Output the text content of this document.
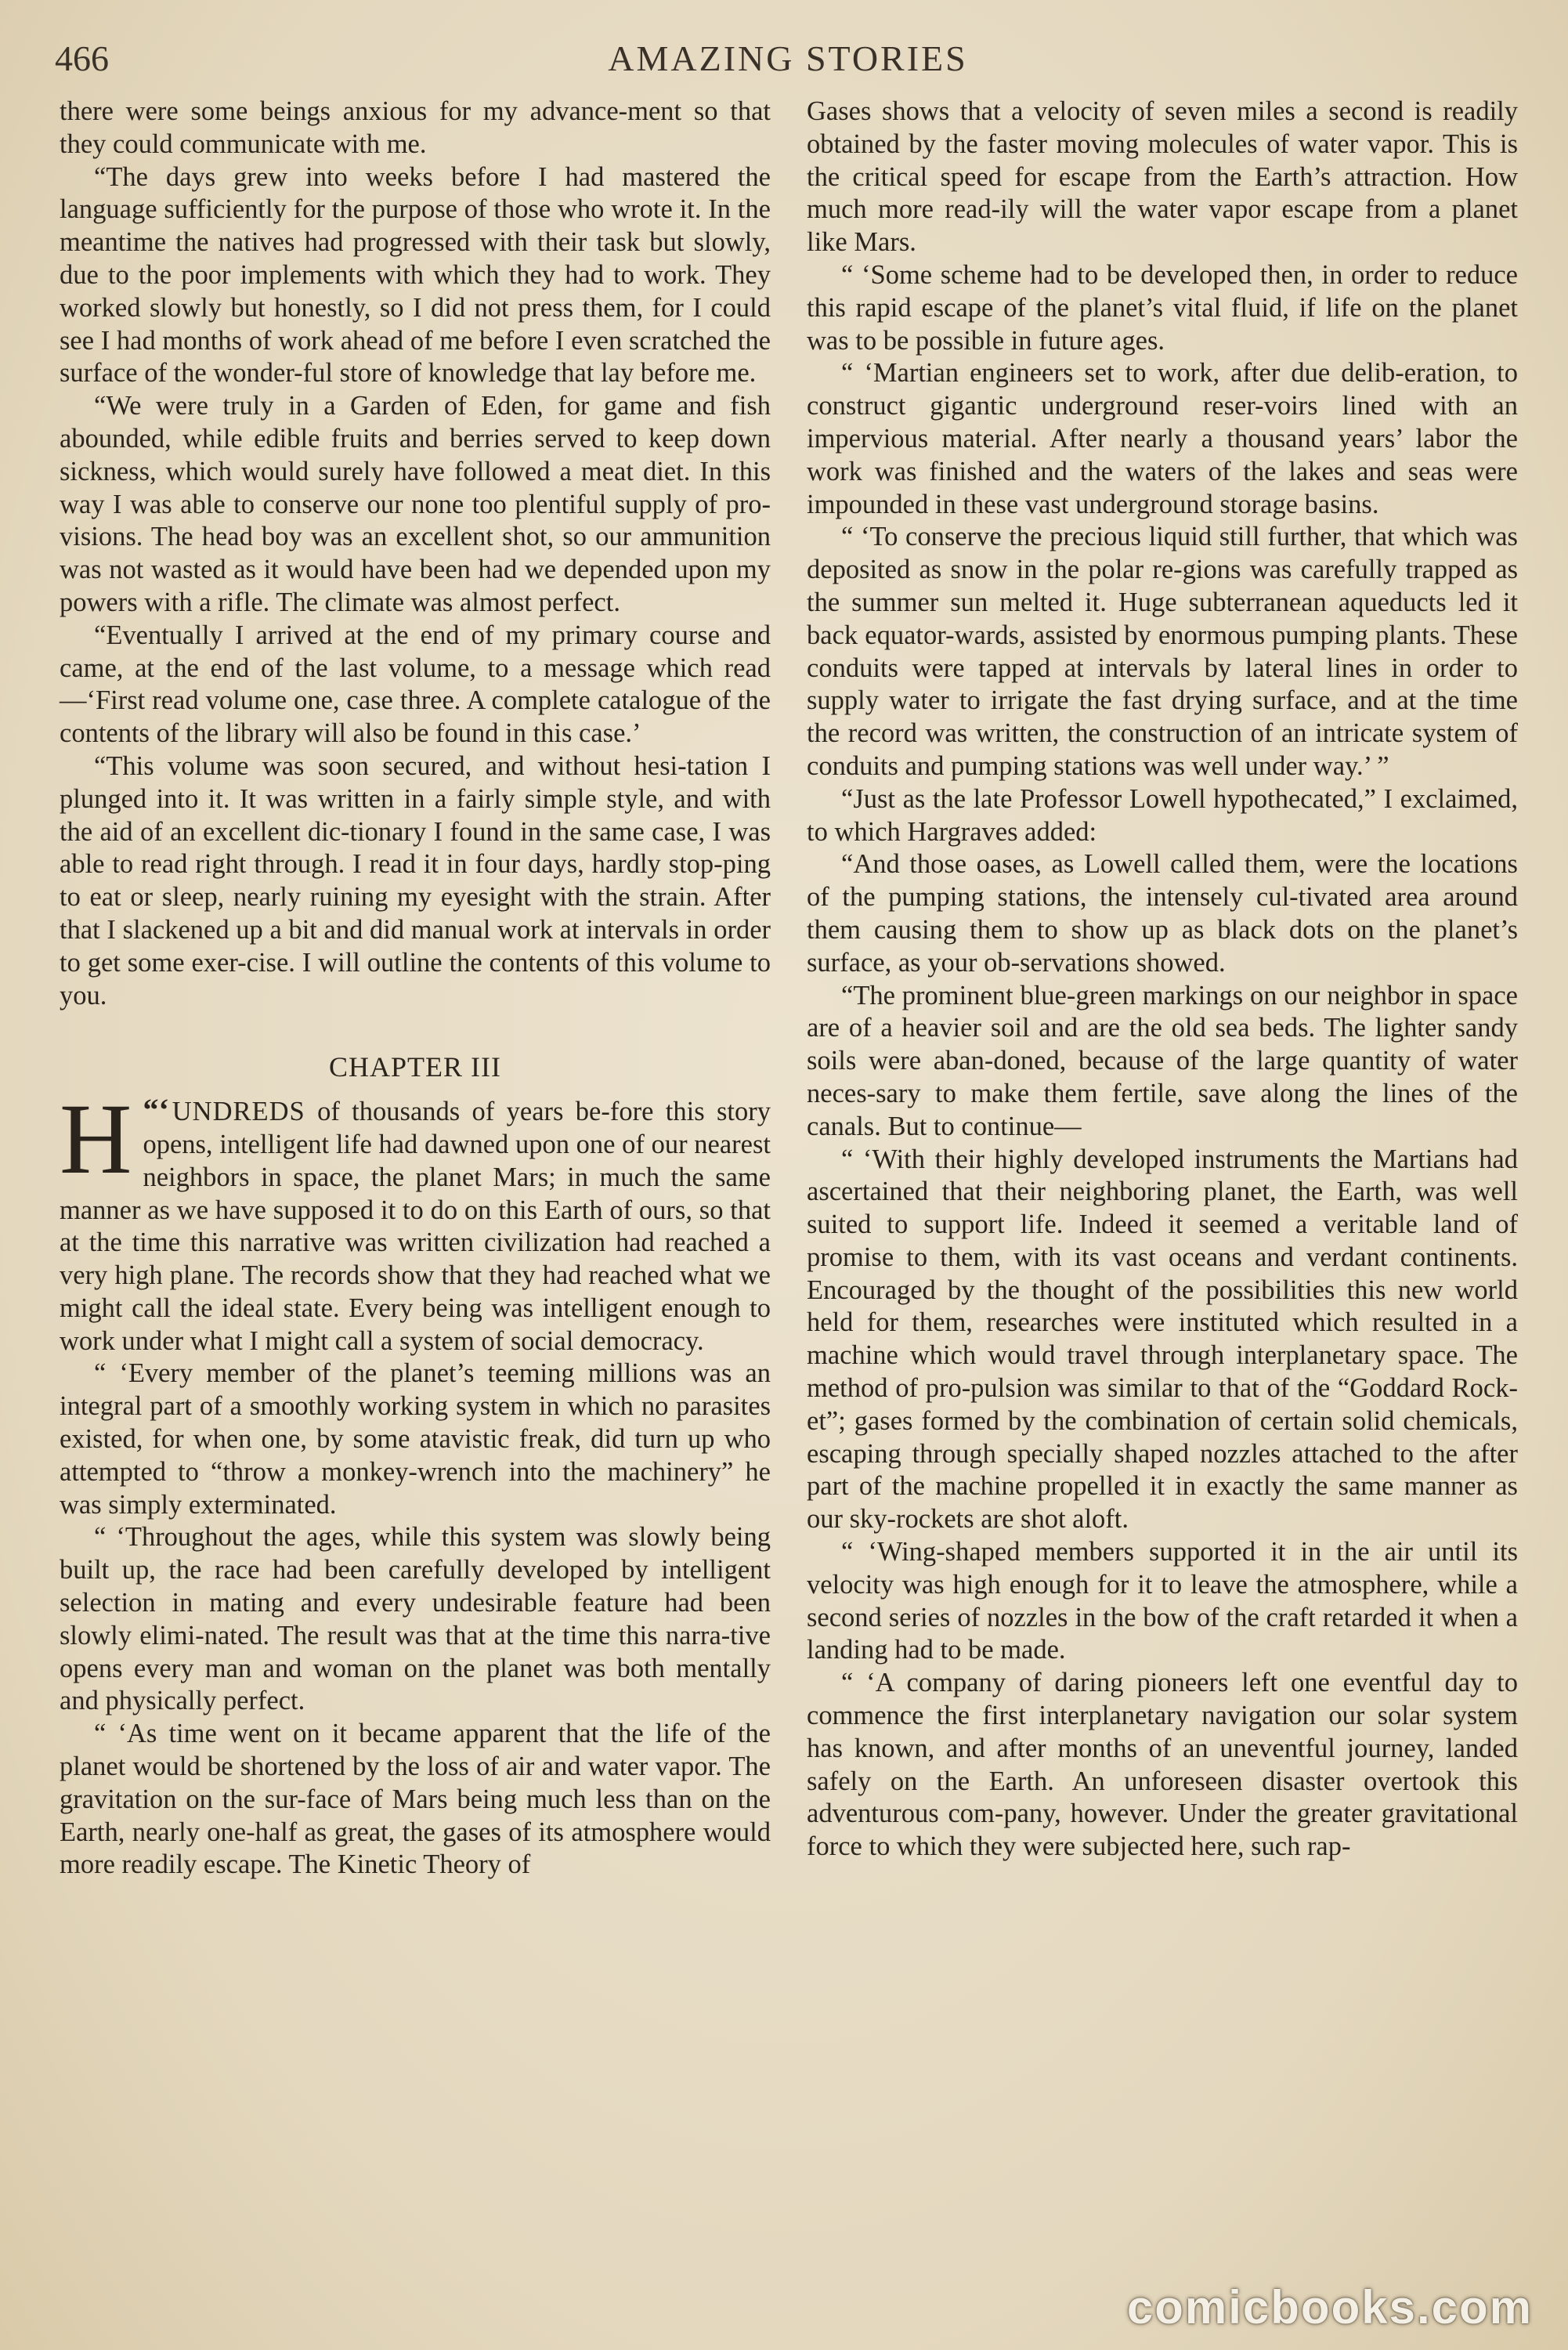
466	AMAZING STORIES

there were some beings anxious for my advance-ment so that they could communicate with me.

“The days grew into weeks before I had mastered the language sufficiently for the purpose of those who wrote it. In the meantime the natives had progressed with their task but slowly, due to the poor implements with which they had to work. They worked slowly but honestly, so I did not press them, for I could see I had months of work ahead of me before I even scratched the surface of the wonder-ful store of knowledge that lay before me.

“We were truly in a Garden of Eden, for game and fish abounded, while edible fruits and berries served to keep down sickness, which would surely have followed a meat diet. In this way I was able to conserve our none too plentiful supply of pro-visions. The head boy was an excellent shot, so our ammunition was not wasted as it would have been had we depended upon my powers with a rifle. The climate was almost perfect.

“Eventually I arrived at the end of my primary course and came, at the end of the last volume, to a message which read—‘First read volume one, case three. A complete catalogue of the contents of the library will also be found in this case.’

“This volume was soon secured, and without hesi-tation I plunged into it. It was written in a fairly simple style, and with the aid of an excellent dic-tionary I found in the same case, I was able to read right through. I read it in four days, hardly stop-ping to eat or sleep, nearly ruining my eyesight with the strain. After that I slackened up a bit and did manual work at intervals in order to get some exer-cise. I will outline the contents of this volume to you.

CHAPTER III

“‘
H UNDREDS of thousands of years be-fore this story opens, intelligent life had dawned upon one of our nearest neighbors in space, the planet Mars; in much the same manner as we have supposed it to do on this Earth of ours, so that at the time this narrative was written civilization had reached a very high plane. The records show that they had reached what we might call the ideal state. Every being was intelligent enough to work under what I might call a system of social democracy.

“ ‘Every member of the planet’s teeming millions was an integral part of a smoothly working system in which no parasites existed, for when one, by some atavistic freak, did turn up who attempted to “throw a monkey-wrench into the machinery” he was simply exterminated.

“ ‘Throughout the ages, while this system was slowly being built up, the race had been carefully developed by intelligent selection in mating and every undesirable feature had been slowly elimi-nated. The result was that at the time this narra-tive opens every man and woman on the planet was both mentally and physically perfect.

“ ‘As time went on it became apparent that the life of the planet would be shortened by the loss of air and water vapor. The gravitation on the sur-face of Mars being much less than on the Earth, nearly one-half as great, the gases of its atmosphere would more readily escape. The Kinetic Theory of

Gases shows that a velocity of seven miles a second is readily obtained by the faster moving molecules of water vapor. This is the critical speed for escape from the Earth’s attraction. How much more read-ily will the water vapor escape from a planet like Mars.

“ ‘Some scheme had to be developed then, in order to reduce this rapid escape of the planet’s vital fluid, if life on the planet was to be possible in future ages.

“ ‘Martian engineers set to work, after due delib-eration, to construct gigantic underground reser-voirs lined with an impervious material. After nearly a thousand years’ labor the work was finished and the waters of the lakes and seas were impounded in these vast underground storage basins.

“ ‘To conserve the precious liquid still further, that which was deposited as snow in the polar re-gions was carefully trapped as the summer sun melted it. Huge subterranean aqueducts led it back equator-wards, assisted by enormous pumping plants. These conduits were tapped at intervals by lateral lines in order to supply water to irrigate the fast drying surface, and at the time the record was written, the construction of an intricate system of conduits and pumping stations was well under way.’ ”

“Just as the late Professor Lowell hypothecated,” I exclaimed, to which Hargraves added:

“And those oases, as Lowell called them, were the locations of the pumping stations, the intensely cul-tivated area around them causing them to show up as black dots on the planet’s surface, as your ob-servations showed.

“The prominent blue-green markings on our neighbor in space are of a heavier soil and are the old sea beds. The lighter sandy soils were aban-doned, because of the large quantity of water neces-sary to make them fertile, save along the lines of the canals. But to continue—

“ ‘With their highly developed instruments the Martians had ascertained that their neighboring planet, the Earth, was well suited to support life. Indeed it seemed a veritable land of promise to them, with its vast oceans and verdant continents. Encouraged by the thought of the possibilities this new world held for them, researches were instituted which resulted in a machine which would travel through interplanetary space. The method of pro-pulsion was similar to that of the “Goddard Rock-et”; gases formed by the combination of certain solid chemicals, escaping through specially shaped nozzles attached to the after part of the machine propelled it in exactly the same manner as our sky-rockets are shot aloft.

“ ‘Wing-shaped members supported it in the air until its velocity was high enough for it to leave the atmosphere, while a second series of nozzles in the bow of the craft retarded it when a landing had to be made.

“ ‘A company of daring pioneers left one eventful day to commence the first interplanetary navigation our solar system has known, and after months of an uneventful journey, landed safely on the Earth. An unforeseen disaster overtook this adventurous com-pany, however. Under the greater gravitational force to which they were subjected here, such rap-

comicbooks.com
